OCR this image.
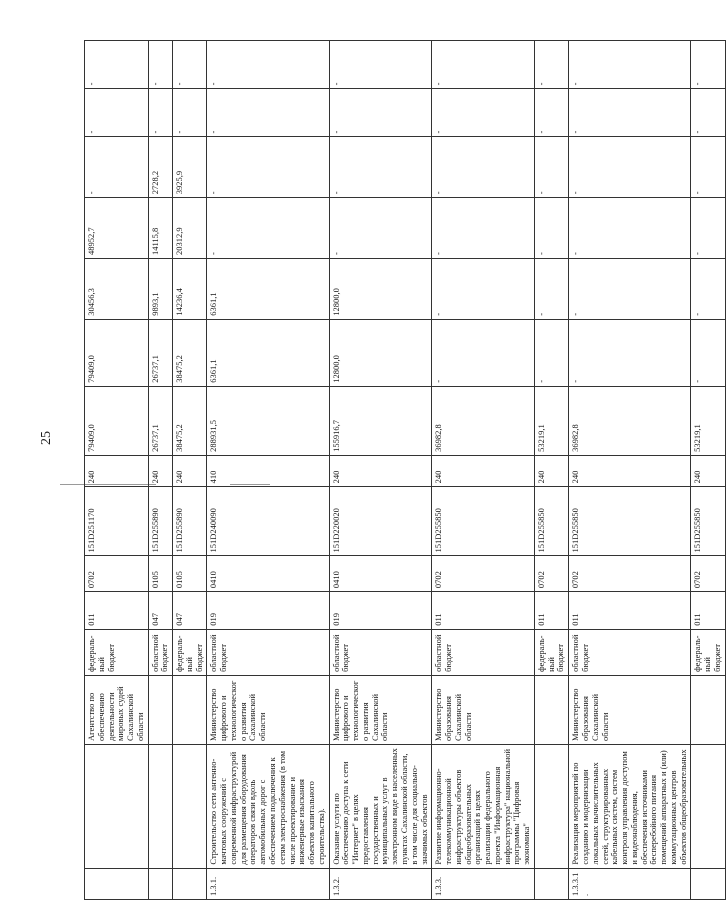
25
		Агентство по обеспечению деятельности мировых судей Сахалинской области	федераль-ный бюджет	011	0702	151D251170	240	79409,0	79409,0	30456,3	48952,7	-	-	-
			областной бюджет	047	0105	151D255890	240	26737,1	26737,1	9893,1	14115,8	2728,2	-	-
			федераль-ный бюджет	047	0105	151D255890	240	38475,2	38475,2	14236,4	20312,9	3925,9	-	-
1.3.1.	Строительство сети антенно-мачтовых сооружений с современной инфраструктурой для размещения оборудования операторов связи вдоль автомобильных дорог с обеспечением подключения к сетям электроснабжения (в том числе проектирование и инженерные изыскания объектов капитального строительства).	Министерство цифрового и технологического развития Сахалинской области	областной бюджет	019	0410	151D240090	410	288931,5	6361,1	6361,1	-	-	-	-
1.3.2.	Оказание услуги по обеспечению доступа к сети "Интернет" в целях предоставления государственных и муниципальных услуг в электронном виде в населенных пунктах Сахалинской области, в том числе для социально-значимых объектов	Министерство цифрового и технологического развития Сахалинской области	областной бюджет	019	0410	151D220020	240	155916,7	12800,0	12800,0	-	-	-	-
1.3.3.	Развитие информационно-телекоммуникационной инфраструктуры объектов общеобразовательных организаций в целях реализации федерального проекта "Информационная инфраструктура" национальной программы "Цифровая экономика"	Министерство образования Сахалинской области	областной бюджет	011	0702	151D255850	240	36982,8	-	-	-	-	-	-
			федераль-ный бюджет	011	0702	151D255850	240	53219,1	-	-	-	-	-	-
1.3.3.1.	Реализация мероприятий по созданию и модернизации локальных вычислительных сетей, структурированных кабельных систем, систем контроля управления доступом и видеонаблюдения, обеспечения источниками бесперебойного питания помещений аппаратных и (или) коммутационных центров объектов общеобразовательных	Министерство образования Сахалинской области	областной бюджет	011	0702	151D255850	240	36982,8	-	-	-	-	-	-
			федераль-ный бюджет	011	0702	151D255850	240	53219,1	-	-	-	-	-	-
